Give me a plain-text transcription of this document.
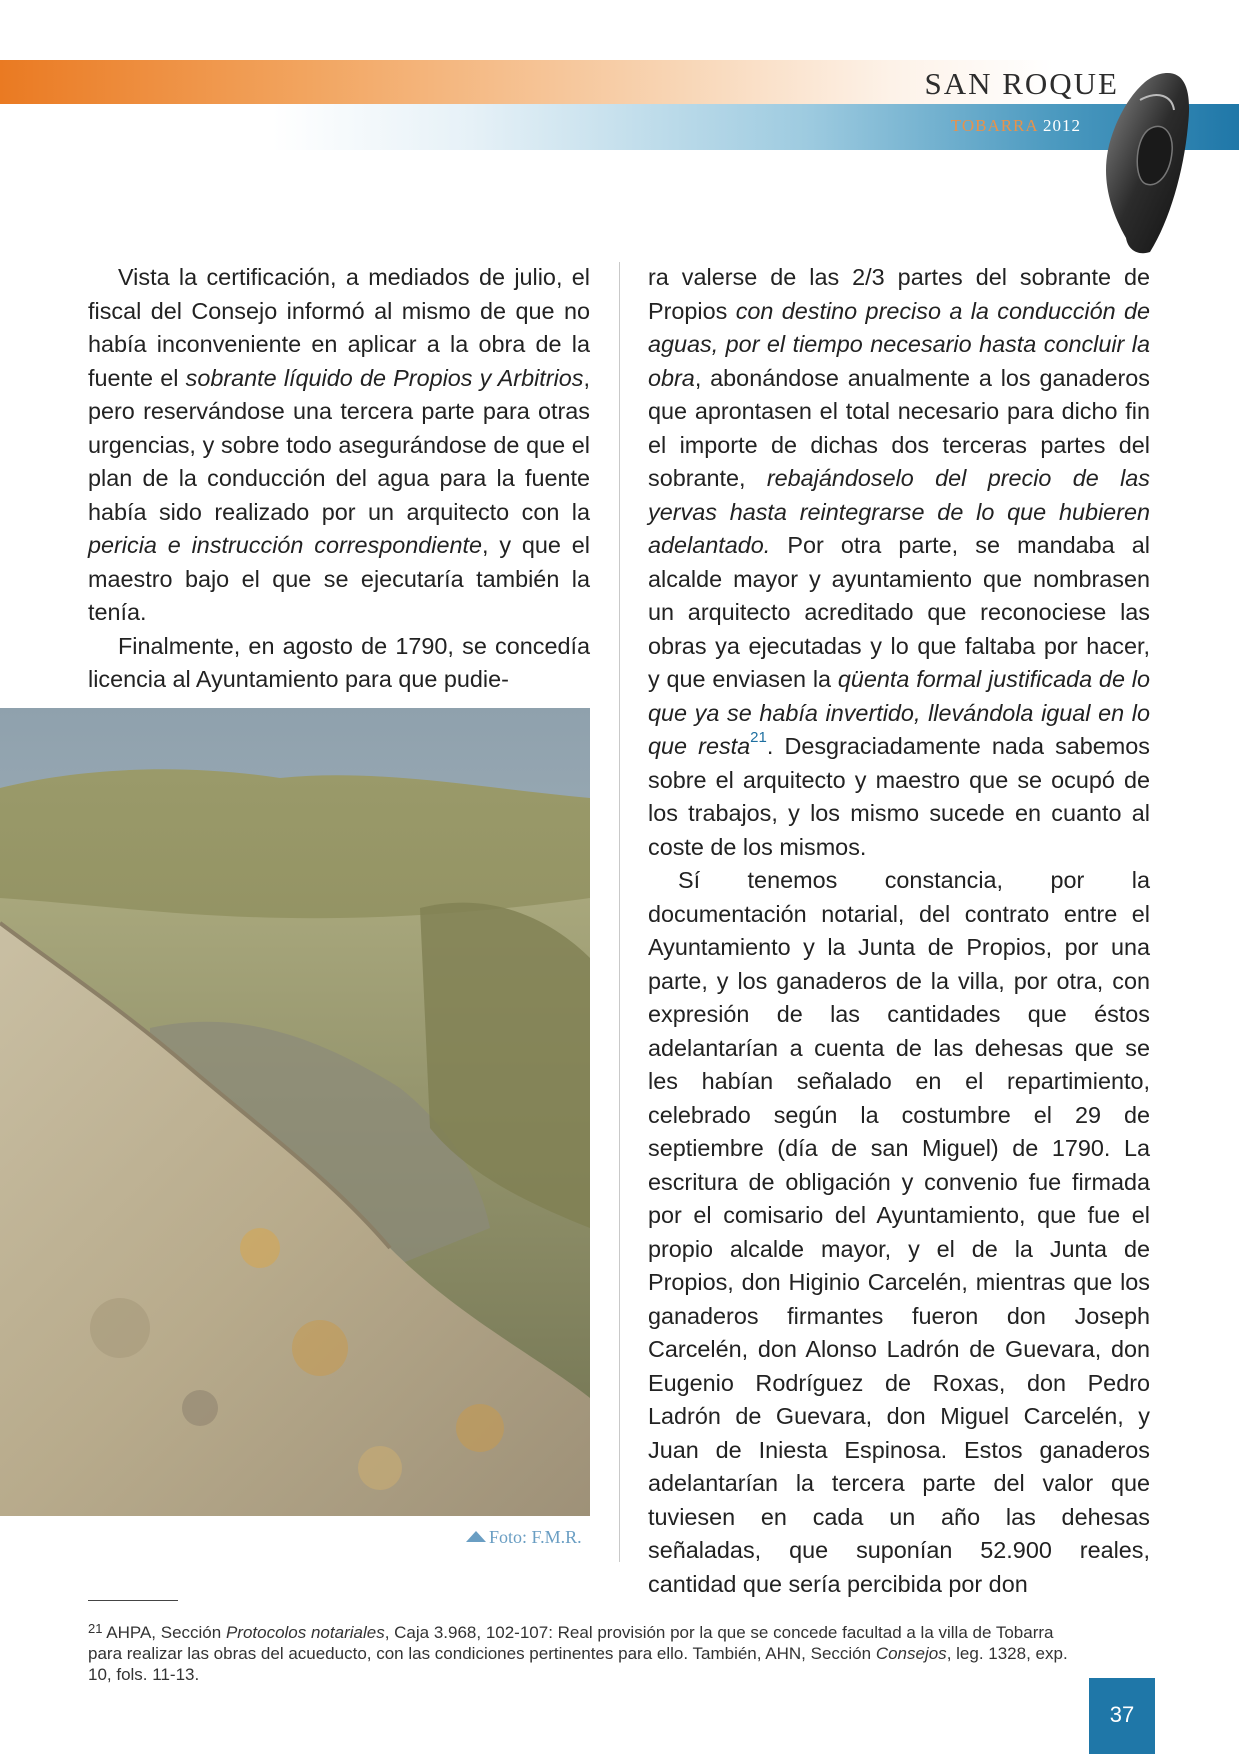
SAN ROQUE
TOBARRA 2012

Vista la certificación, a mediados de julio, el fiscal del Consejo informó al mismo de que no había inconveniente en aplicar a la obra de la fuente el sobrante líquido de Propios y Arbitrios, pero reservándose una tercera parte para otras urgencias, y sobre todo asegurándose de que el plan de la conducción del agua para la fuente había sido realizado por un arquitecto con la pericia e instrucción correspondiente, y que el maestro bajo el que se ejecutaría también la tenía.

Finalmente, en agosto de 1790, se concedía licencia al Ayuntamiento para que pudie-

Foto: F.M.R.

ra valerse de las 2/3 partes del sobrante de Propios con destino preciso a la conducción de aguas, por el tiempo necesario hasta concluir la obra, abonándose anualmente a los ganaderos que aprontasen el total necesario para dicho fin el importe de dichas dos terceras partes del sobrante, rebajándoselo del precio de las yervas hasta reintegrarse de lo que hubieren adelantado. Por otra parte, se mandaba al alcalde mayor y ayuntamiento que nombrasen un arquitecto acreditado que reconociese las obras ya ejecutadas y lo que faltaba por hacer, y que enviasen la qüenta formal justificada de lo que ya se había invertido, llevándola igual en lo que resta$^{21}$. Desgraciadamente nada sabemos sobre el arquitecto y maestro que se ocupó de los trabajos, y los mismo sucede en cuanto al coste de los mismos.

Sí tenemos constancia, por la documentación notarial, del contrato entre el Ayuntamiento y la Junta de Propios, por una parte, y los ganaderos de la villa, por otra, con expresión de las cantidades que éstos adelantarían a cuenta de las dehesas que se les habían señalado en el repartimiento, celebrado según la costumbre el 29 de septiembre (día de san Miguel) de 1790. La escritura de obligación y convenio fue firmada por el comisario del Ayuntamiento, que fue el propio alcalde mayor, y el de la Junta de Propios, don Higinio Carcelén, mientras que los ganaderos firmantes fueron don Joseph Carcelén, don Alonso Ladrón de Guevara, don Eugenio Rodríguez de Roxas, don Pedro Ladrón de Guevara, don Miguel Carcelén, y Juan de Iniesta Espinosa. Estos ganaderos adelantarían la tercera parte del valor que tuviesen en cada un año las dehesas señaladas, que suponían 52.900 reales, cantidad que sería percibida por don

$^{21}$ AHPA, Sección Protocolos notariales, Caja 3.968, 102-107: Real provisión por la que se concede facultad a la villa de Tobarra para realizar las obras del acueducto, con las condiciones pertinentes para ello. También, AHN, Sección Consejos, leg. 1328, exp. 10, fols. 11-13.
37
